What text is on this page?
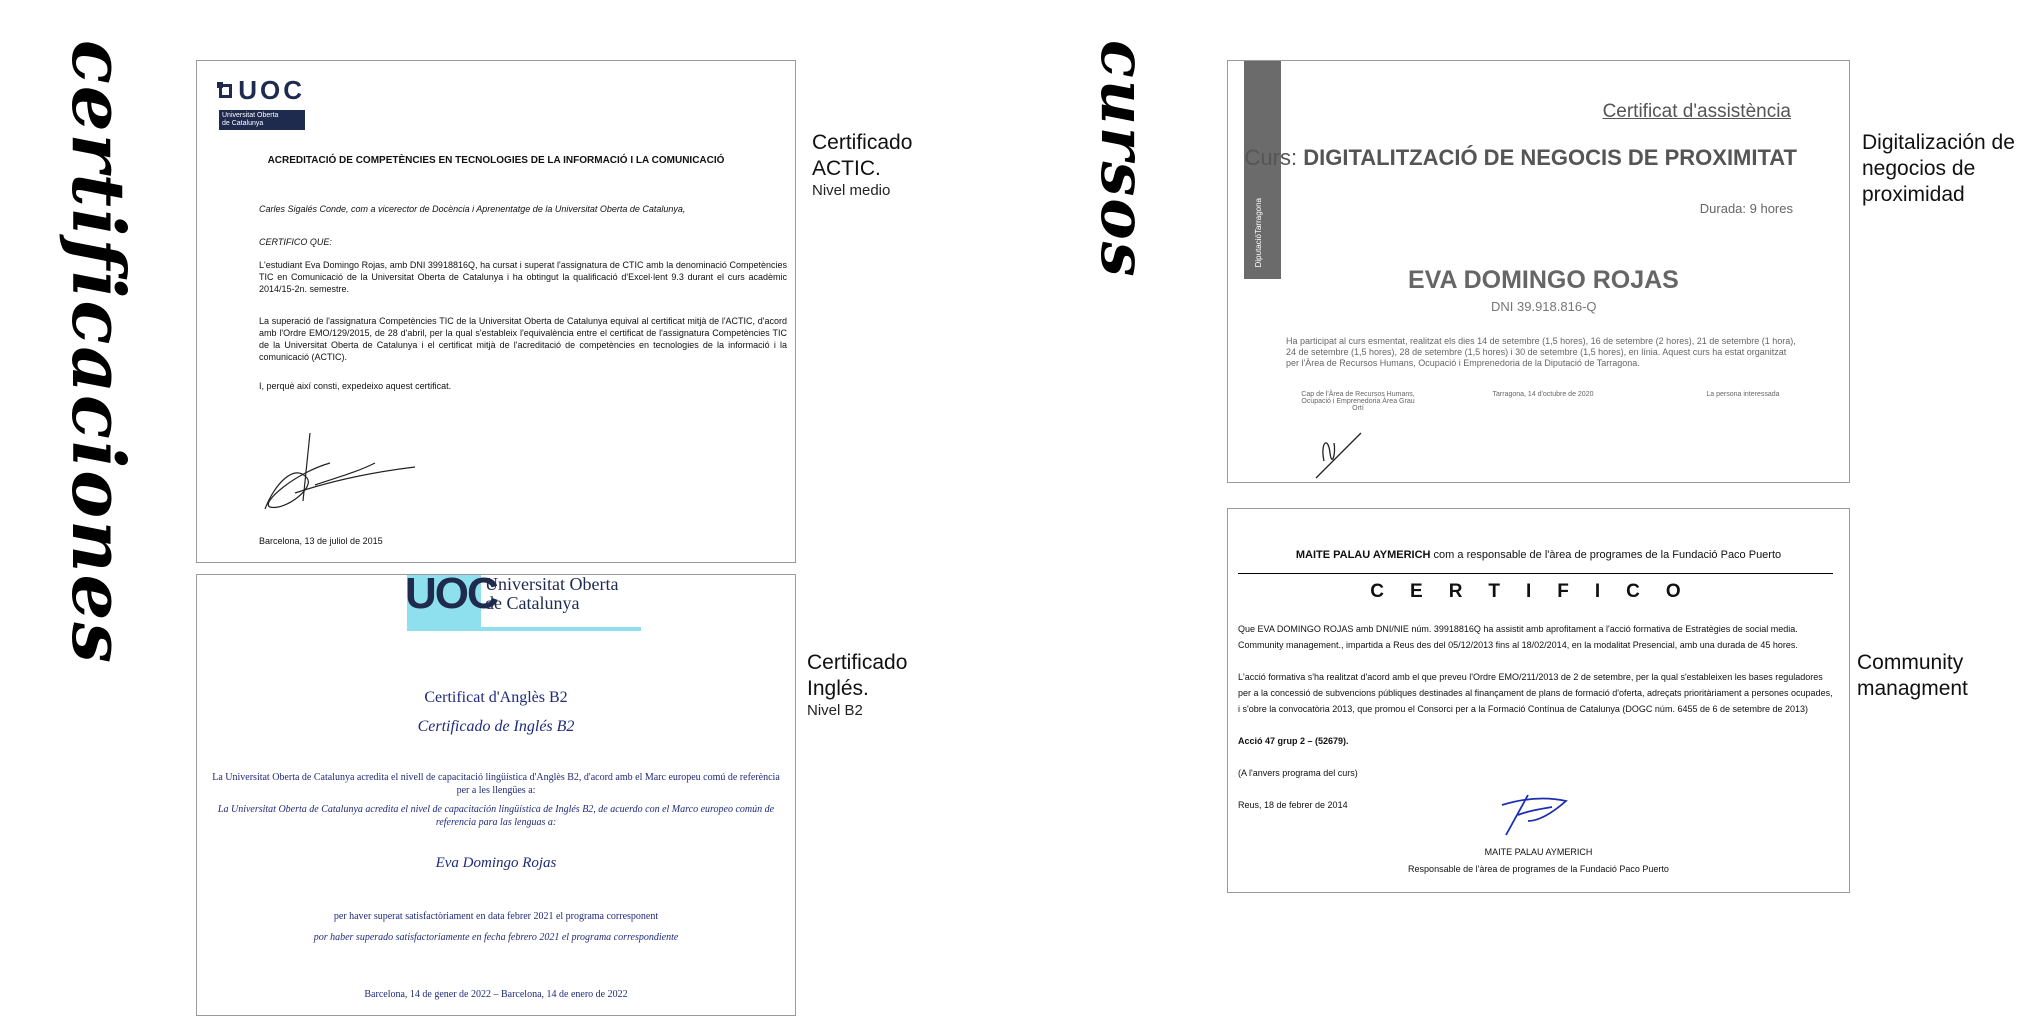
certificaciones	cursos
UOC
Universitat Oberta
de Catalunya
ACREDITACIÓ DE COMPETÈNCIES EN TECNOLOGIES DE LA INFORMACIÓ I LA COMUNICACIÓ
Carles Sigalés Conde, com a vicerector de Docència i Aprenentatge de la Universitat Oberta de Catalunya,
CERTIFICO QUE:
L'estudiant Eva Domingo Rojas, amb DNI 39918816Q, ha cursat i superat l'assignatura de CTIC amb la denominació Competències TIC en Comunicació de la Universitat Oberta de Catalunya i ha obtingut la qualificació d'Excel·lent 9.3 durant el curs acadèmic 2014/15-2n. semestre.
La superació de l'assignatura Competències TIC de la Universitat Oberta de Catalunya equival al certificat mitjà de l'ACTIC, d'acord amb l'Ordre EMO/129/2015, de 28 d'abril, per la qual s'estableix l'equivalència entre el certificat de l'assignatura Competències TIC de la Universitat Oberta de Catalunya i el certificat mitjà de l'acreditació de competències en tecnologies de la informació i la comunicació (ACTIC).
I, perquè així consti, expedeixo aquest certificat.
Barcelona, 13 de juliol de 2015
Certificado ACTIC.
Nivel medio
UOC
Universitat Oberta
de Catalunya
Certificat d'Anglès B2
Certificado de Inglés B2
La Universitat Oberta de Catalunya acredita el nivell de capacitació lingüística d'Anglès B2, d'acord amb el Marc europeu comú de referència per a les llengües a:
La Universitat Oberta de Catalunya acredita el nivel de capacitación lingüística de Inglés B2, de acuerdo con el Marco europeo común de referencia para las lenguas a:
Eva Domingo Rojas
per haver superat satisfactòriament en data febrer 2021 el programa corresponent
por haber superado satisfactoriamente en fecha febrero 2021 el programa correspondiente
Barcelona, 14 de gener de 2022 – Barcelona, 14 de enero de 2022
Certificado Inglés.
Nivel B2
DiputacióTarragona
Certificat d'assistència
Curs: DIGITALITZACIÓ DE NEGOCIS DE PROXIMITAT
Durada: 9 hores
EVA DOMINGO ROJAS
DNI 39.918.816-Q
Ha participat al curs esmentat, realitzat els dies 14 de setembre (1,5 hores), 16 de setembre (2 hores), 21 de setembre (1 hora), 24 de setembre (1,5 hores), 28 de setembre (1,5 hores) i 30 de setembre (1,5 hores), en línia. Aquest curs ha estat organitzat per l'Àrea de Recursos Humans, Ocupació i Emprenedoria de la Diputació de Tarragona.
Cap de l'Àrea de Recursos Humans, Ocupació i Emprenedoria Àrea Grau Ortí
Tarragona, 14 d'octubre de 2020	La persona interessada
Digitalización de negocios de proximidad
MAITE PALAU AYMERICH com a responsable de l'àrea de programes de la Fundació Paco Puerto
CERTIFICO
Que EVA DOMINGO ROJAS amb DNI/NIE núm. 39918816Q ha assistit amb aprofitament a l'acció formativa de Estratègies de social media. Community management., impartida a Reus des del 05/12/2013 fins al 18/02/2014, en la modalitat Presencial, amb una durada de 45 hores.
L'acció formativa s'ha realitzat d'acord amb el que preveu l'Ordre EMO/211/2013 de 2 de setembre, per la qual s'estableixen les bases reguladores per a la concessió de subvencions públiques destinades al finançament de plans de formació d'oferta, adreçats prioritàriament a persones ocupades, i s'obre la convocatòria 2013, que promou el Consorci per a la Formació Contínua de Catalunya (DOGC núm. 6455 de 6 de setembre de 2013)
Acció 47 grup 2 – (52679).
(A l'anvers programa del curs)
Reus, 18 de febrer de 2014
MAITE PALAU AYMERICH
Responsable de l'àrea de programes de la Fundació Paco Puerto
Community managment
